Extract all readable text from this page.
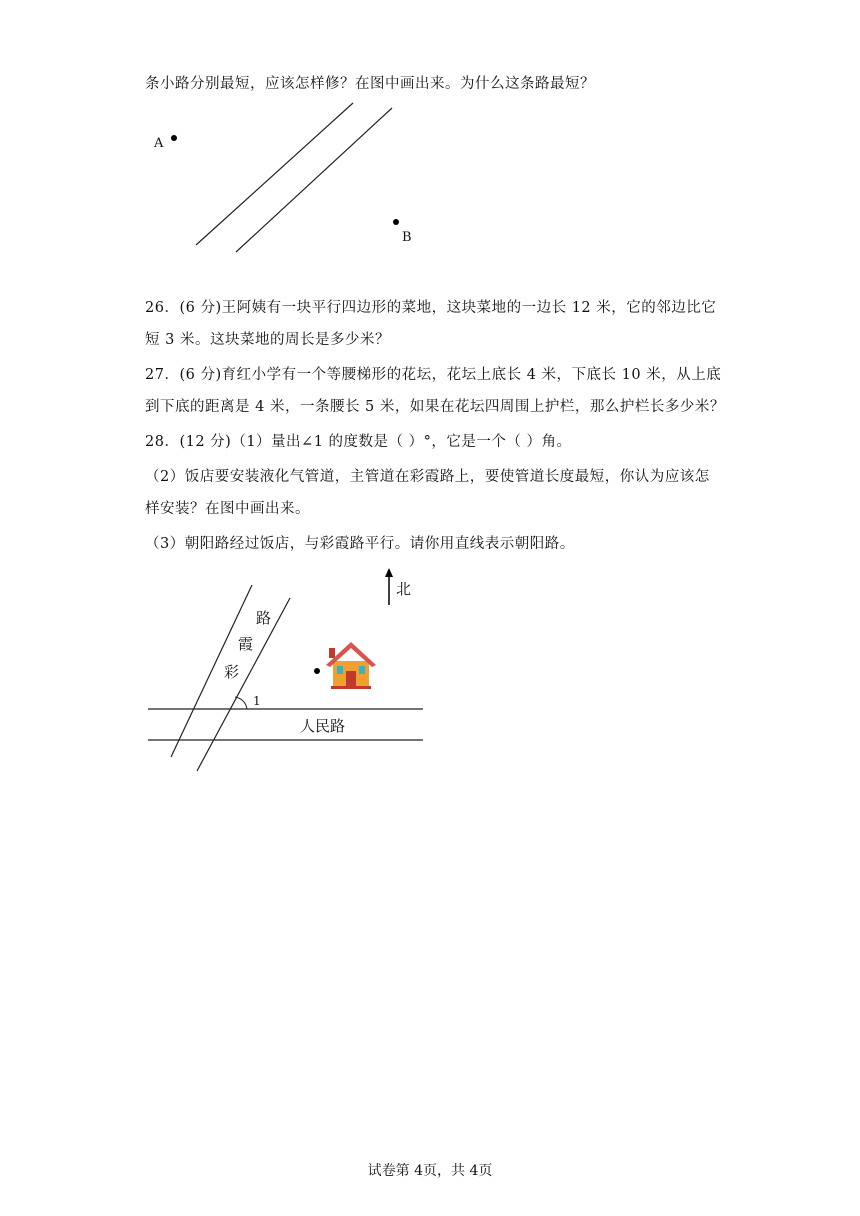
条小路分别最短，应该怎样修？在图中画出来。为什么这条路最短？
A
B
26．(6 分)王阿姨有一块平行四边形的菜地，这块菜地的一边长 12 米，它的邻边比它
短 3 米。这块菜地的周长是多少米？
27．(6 分)育红小学有一个等腰梯形的花坛，花坛上底长 4 米，下底长 10 米，从上底
到下底的距离是 4 米，一条腰长 5 米，如果在花坛四周围上护栏，那么护栏长多少米？
28．(12 分)（1）量出∠1 的度数是（ ）°，它是一个（ ）角。
（2）饭店要安装液化气管道，主管道在彩霞路上，要使管道长度最短，你认为应该怎
样安装？在图中画出来。
（3）朝阳路经过饭店，与彩霞路平行。请你用直线表示朝阳路。
1
路
霞
彩
人民路
北
试卷第 4页，共 4页
